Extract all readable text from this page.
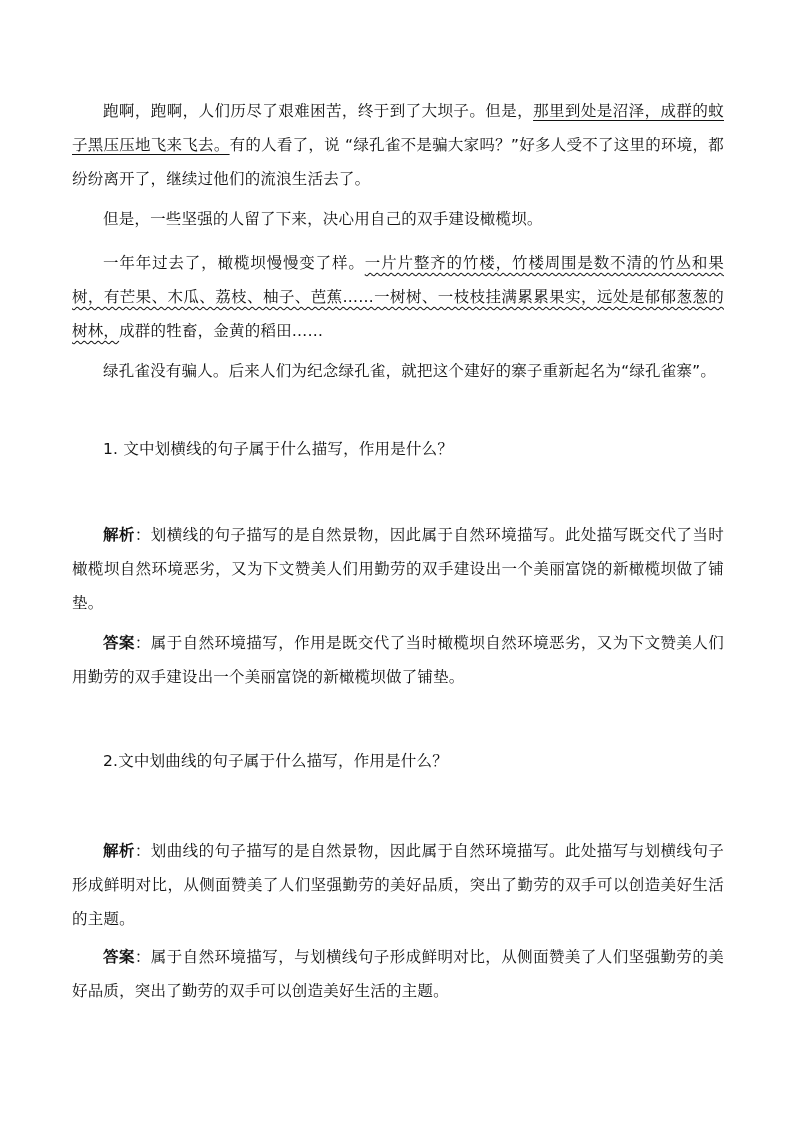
跑啊，跑啊，人们历尽了艰难困苦，终于到了大坝子。但是，那里到处是沼泽，成群的蚊子黑压压地飞来飞去。有的人看了，说 “绿孔雀不是骗大家吗？”好多人受不了这里的环境，都纷纷离开了，继续过他们的流浪生活去了。

但是，一些坚强的人留了下来，决心用自己的双手建设橄榄坝。

一年年过去了，橄榄坝慢慢变了样。一片片整齐的竹楼，竹楼周围是数不清的竹丛和果树，有芒果、木瓜、荔枝、柚子、芭蕉……一树树、一枝枝挂满累累果实，远处是郁郁葱葱的树林，成群的牲畜，金黄的稻田……

绿孔雀没有骗人。后来人们为纪念绿孔雀，就把这个建好的寨子重新起名为“绿孔雀寨”。

1. 文中划横线的句子属于什么描写，作用是什么？

解析：划横线的句子描写的是自然景物，因此属于自然环境描写。此处描写既交代了当时橄榄坝自然环境恶劣，又为下文赞美人们用勤劳的双手建设出一个美丽富饶的新橄榄坝做了铺垫。

答案：属于自然环境描写，作用是既交代了当时橄榄坝自然环境恶劣，又为下文赞美人们用勤劳的双手建设出一个美丽富饶的新橄榄坝做了铺垫。

2.文中划曲线的句子属于什么描写，作用是什么？

解析：划曲线的句子描写的是自然景物，因此属于自然环境描写。此处描写与划横线句子形成鲜明对比，从侧面赞美了人们坚强勤劳的美好品质，突出了勤劳的双手可以创造美好生活的主题。

答案：属于自然环境描写，与划横线句子形成鲜明对比，从侧面赞美了人们坚强勤劳的美好品质，突出了勤劳的双手可以创造美好生活的主题。
